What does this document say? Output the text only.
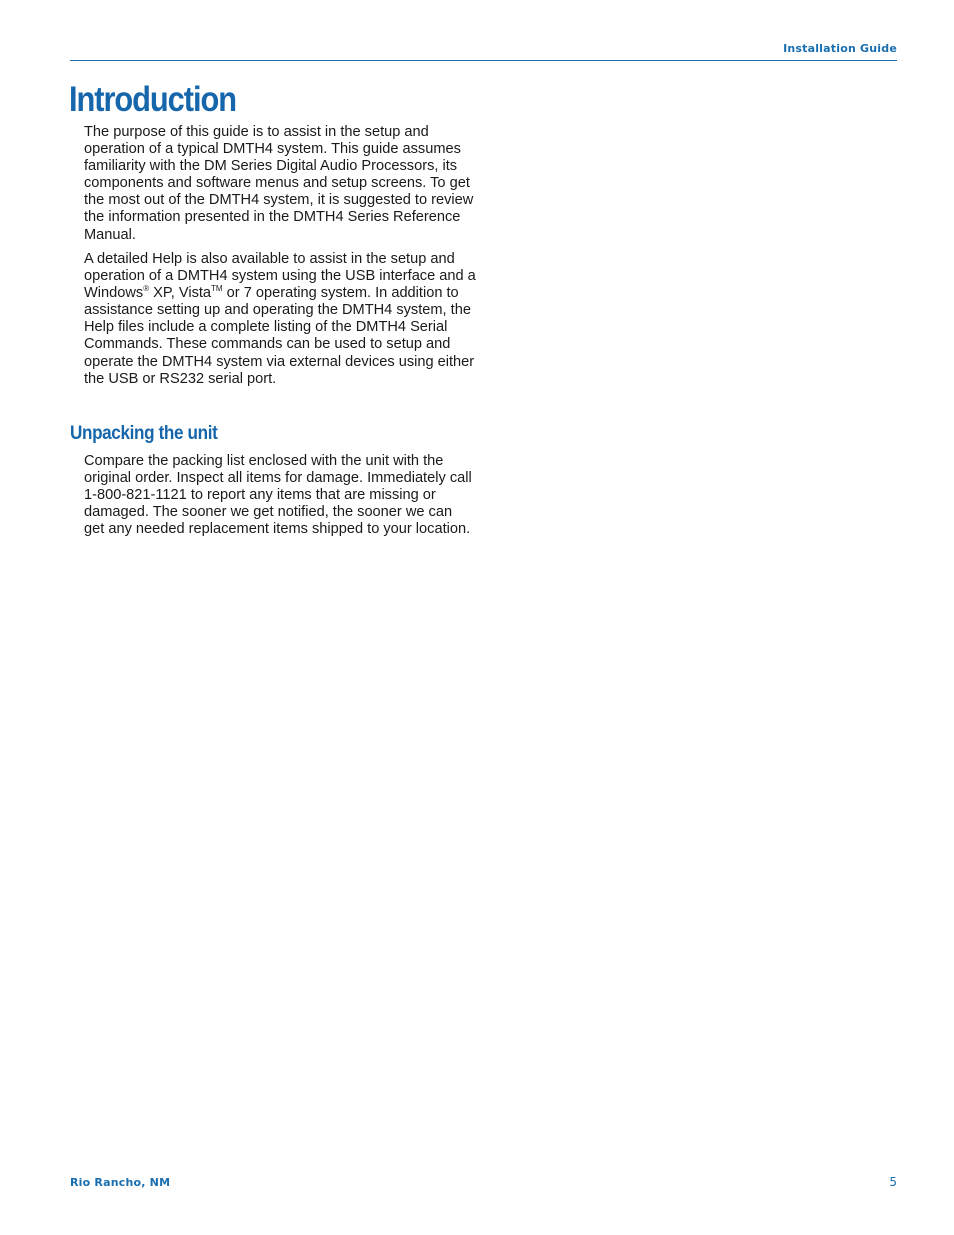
Installation Guide
Introduction

The purpose of this guide is to assist in the setup and operation of a typical DMTH4 system. This guide assumes familiarity with the DM Series Digital Audio Processors, its components and software menus and setup screens. To get the most out of the DMTH4 system, it is suggested to review the information presented in the DMTH4 Series Reference Manual.

A detailed Help is also available to assist in the setup and operation of a DMTH4 system using the USB interface and a Windows® XP, Vista™ or 7 operating system. In addition to assistance setting up and operating the DMTH4 system, the Help files include a complete listing of the DMTH4 Serial Commands. These commands can be used to setup and operate the DMTH4 system via external devices using either the USB or RS232 serial port.

Unpacking the unit

Compare the packing list enclosed with the unit with the original order. Inspect all items for damage. Immediately call 1-800-821-1121 to report any items that are missing or damaged. The sooner we get notified, the sooner we can get any needed replacement items shipped to your location.

Rio Rancho, NM	5
